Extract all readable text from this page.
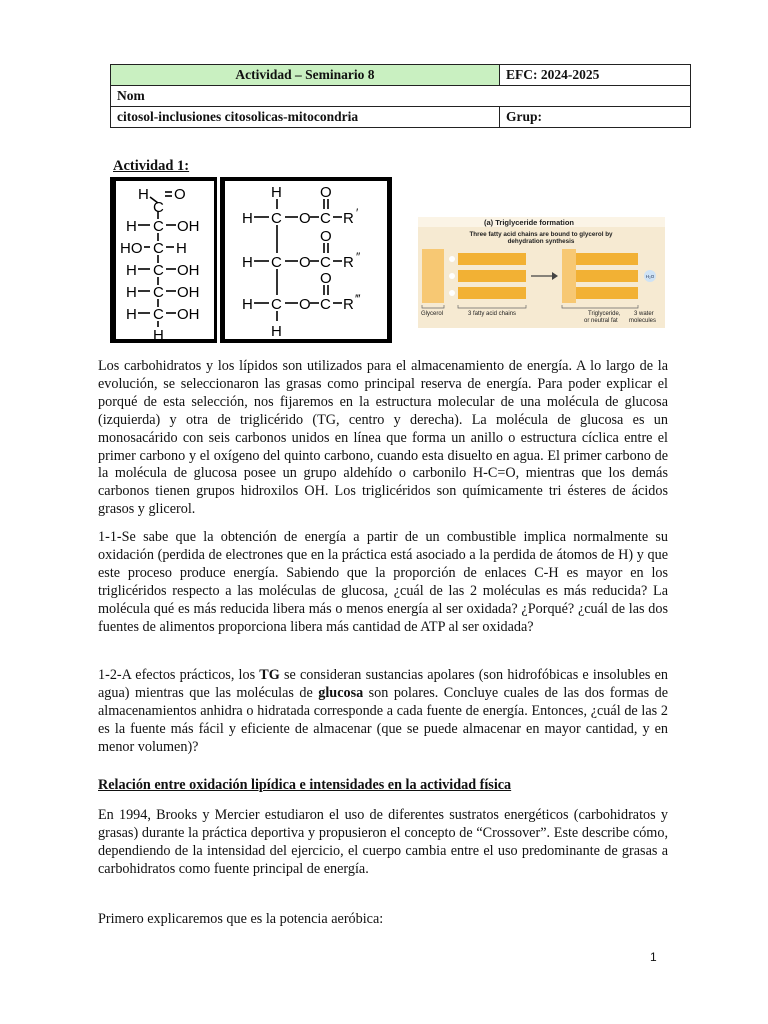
Actividad – Seminario 8	EFC: 2024-2025
Nom	
citosol-inclusiones citosolicas-mitocondria	Grup:
Actividad 1:
H
C
O
H C OH
HO C H
H C OH
H C OH
H C OH
H
H	O
H C O C R ′
O
H C O C R ″
O
H C O C R ‴
H
(a) Triglyceride formation
Three fatty acid chains are bound to glycerol by
dehydration synthesis
H₂O
Glycerol	3 fatty acid chains	Triglyceride,
or neutral fat
3 water
molecules

Los carbohidratos y los lípidos son utilizados para el almacenamiento de energía. A lo largo de la evolución, se seleccionaron las grasas como principal reserva de energía. Para poder explicar el porqué de esta selección, nos fijaremos en la estructura molecular de una molécula de glucosa (izquierda) y otra de triglicérido (TG, centro y derecha). La molécula de glucosa es un monosacárido con seis carbonos unidos en línea que forma un anillo o estructura cíclica entre el primer carbono y el oxígeno del quinto carbono, cuando esta disuelto en agua. El primer carbono de la molécula de glucosa posee un grupo aldehído o carbonilo H-C=O, mientras que los demás carbonos tienen grupos hidroxilos OH. Los triglicéridos son químicamente tri ésteres de ácidos grasos y glicerol.

1-1-Se sabe que la obtención de energía a partir de un combustible implica normalmente su oxidación (perdida de electrones que en la práctica está asociado a la perdida de átomos de H) y que este proceso produce energía. Sabiendo que la proporción de enlaces C-H es mayor en los triglicéridos respecto a las moléculas de glucosa, ¿cuál de las 2 moléculas es más reducida? La molécula qué es más reducida libera más o menos energía al ser oxidada? ¿Porqué? ¿cuál de las dos fuentes de alimentos proporciona libera más cantidad de ATP al ser oxidada?

1-2-A efectos prácticos, los TG se consideran sustancias apolares (son hidrofóbicas e insolubles en agua) mientras que las moléculas de glucosa son polares. Concluye cuales de las dos formas de almacenamientos anhidra o hidratada corresponde a cada fuente de energía. Entonces, ¿cuál de las 2 es la fuente más fácil y eficiente de almacenar (que se puede almacenar en mayor cantidad, y en menor volumen)?

Relación entre oxidación lipídica e intensidades en la actividad física

En 1994, Brooks y Mercier estudiaron el uso de diferentes sustratos energéticos (carbohidratos y grasas) durante la práctica deportiva y propusieron el concepto de “Crossover”. Este describe cómo, dependiendo de la intensidad del ejercicio, el cuerpo cambia entre el uso predominante de grasas a carbohidratos como fuente principal de energía.

Primero explicaremos que es la potencia aeróbica:

1
